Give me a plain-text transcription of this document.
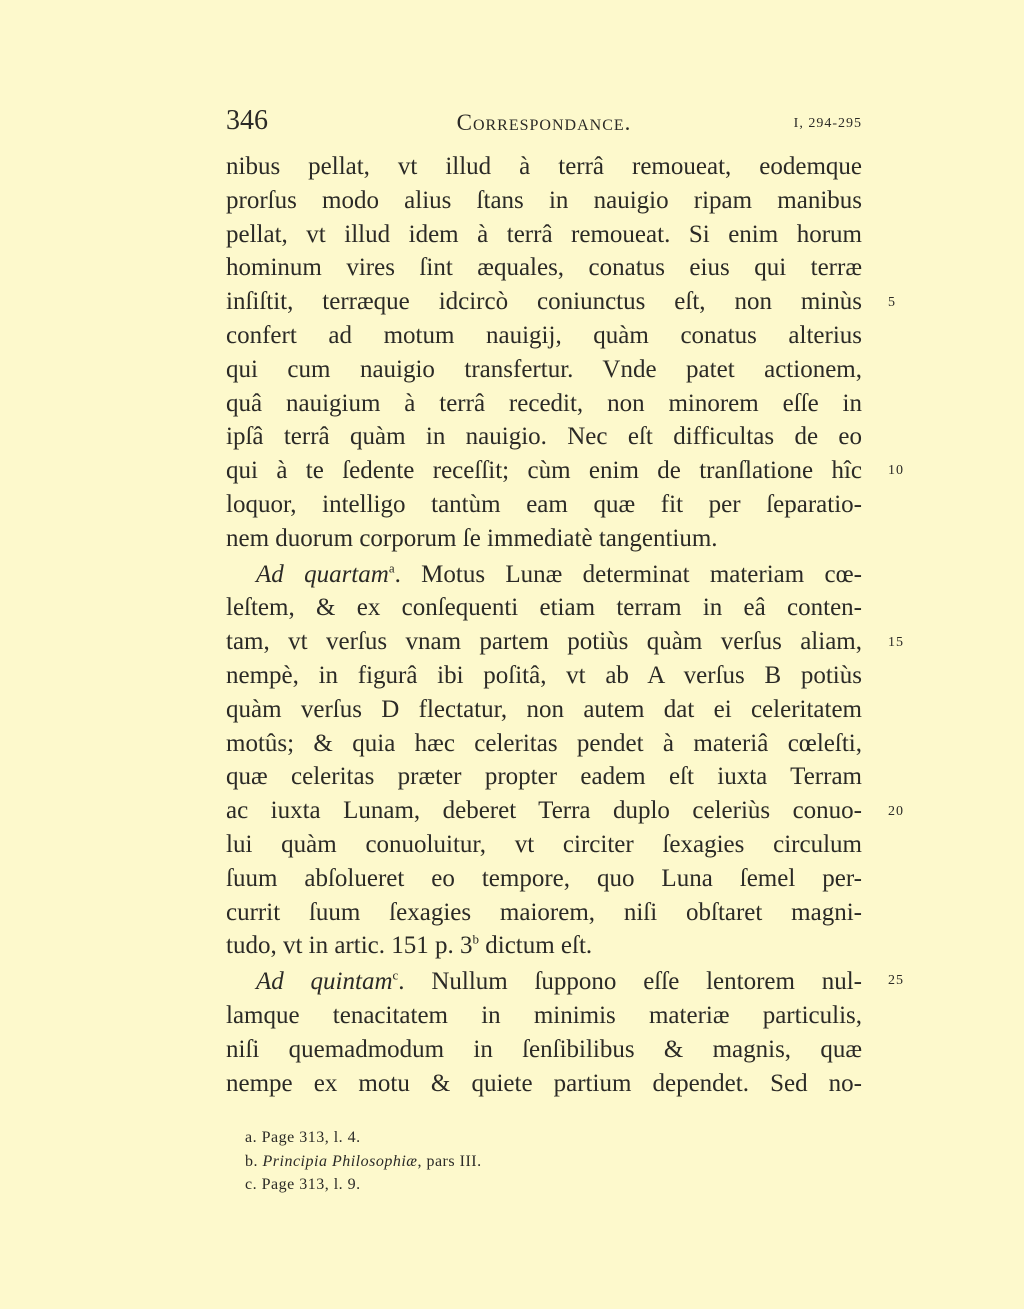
346	Correspondance.	I, 294-295
nibus pellat, vt illud à terrâ remoueat, eodemque
prorſus modo alius ſtans in nauigio ripam manibus
pellat, vt illud idem à terrâ remoueat. Si enim horum
hominum vires ſint æquales, conatus eius qui terræ
inſiſtit, terræque idcircò coniunctus eſt, non minùs
confert ad motum nauigij, quàm conatus alterius
qui cum nauigio transfertur. Vnde patet actionem,
quâ nauigium à terrâ recedit, non minorem eſſe in
ipſâ terrâ quàm in nauigio. Nec eſt difficultas de eo
qui à te ſedente receſſit; cùm enim de tranſlatione hîc
loquor, intelligo tantùm eam quæ fit per ſeparatio-
nem duorum corporum ſe immediatè tangentium.
Ad quartam$^a$. Motus Lunæ determinat materiam cœ-
leſtem, & ex conſequenti etiam terram in eâ conten-
tam, vt verſus vnam partem potiùs quàm verſus aliam,
nempè, in figurâ ibi poſitâ, vt ab A verſus B potiùs
quàm verſus D flectatur, non autem dat ei celeritatem
motûs; & quia hæc celeritas pendet à materiâ cœleſti,
quæ celeritas præter propter eadem eſt iuxta Terram
ac iuxta Lunam, deberet Terra duplo celeriùs conuo-
lui quàm conuoluitur, vt circiter ſexagies circulum
ſuum abſolueret eo tempore, quo Luna ſemel per-
currit ſuum ſexagies maiorem, niſi obſtaret magni-
tudo, vt in artic. 151 p. 3$^b$ dictum eſt.
Ad quintam$^c$. Nullum ſuppono eſſe lentorem nul-
lamque tenacitatem in minimis materiæ particulis,
niſi quemadmodum in ſenſibilibus & magnis, quæ
nempe ex motu & quiete partium dependet. Sed no-
5
10
15
20
25
a. Page 313, l. 4.
b. Principia Philosophiæ, pars III.
c. Page 313, l. 9.
